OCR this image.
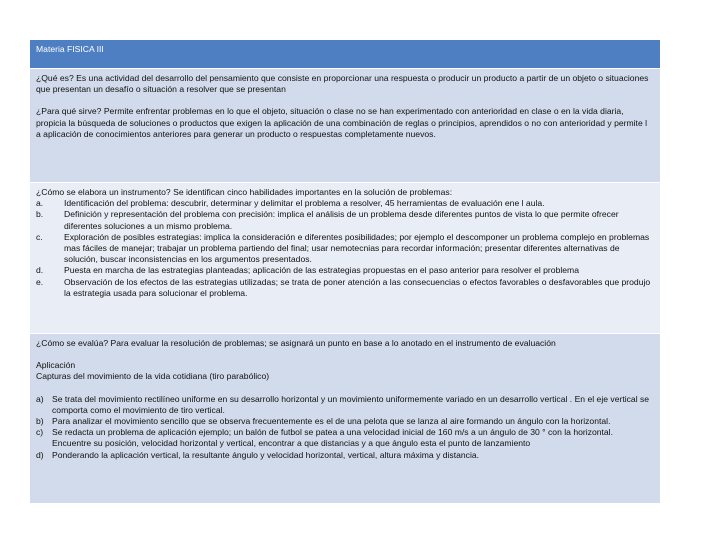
Materia FISICA III

¿Qué es? Es una actividad del desarrollo del pensamiento que consiste en proporcionar una respuesta o producir un producto a partir de un objeto o situaciones que presentan un desafío o situación a resolver que se presentan

¿Para qué sirve? Permite enfrentar problemas en lo que el objeto, situación o clase no se han experimentado con anterioridad en clase o en la vida diaria, propicia la búsqueda de soluciones o productos que exigen la aplicación de una combinación de reglas o principios, aprendidos o no con anterioridad y permite l a aplicación de conocimientos anteriores para generar un producto o respuestas completamente nuevos.

¿Cómo se elabora un instrumento? Se identifican cinco habilidades importantes en la solución de problemas:

a.	Identificación del problema: descubrir, determinar y delimitar el problema a resolver, 45 herramientas de evaluación ene l aula.
b.	Definición y representación del problema con precisión: implica el análisis de un problema desde diferentes puntos de vista lo que permite ofrecer diferentes soluciones a un mismo problema.
c.	Exploración de posibles estrategias: implica la consideración e diferentes posibilidades; por ejemplo el descomponer un problema complejo en problemas mas fáciles de manejar; trabajar un problema partiendo del final; usar nemotecnias para recordar información; presentar diferentes alternativas de solución, buscar inconsistencias en los argumentos presentados.
d.	Puesta en marcha de las estrategias planteadas; aplicación de las estrategias propuestas en el paso anterior para resolver el problema
e.	Observación de los efectos de las estrategias utilizadas; se trata de poner atención a las consecuencias o efectos favorables o desfavorables que produjo la estrategia usada para solucionar el problema.

¿Cómo se evalúa? Para evaluar la resolución de problemas; se asignará un punto en base a lo anotado en el instrumento de evaluación

Aplicación

Capturas del movimiento de la vida cotidiana (tiro parabólico)

a) Se trata del movimiento rectilíneo uniforme en su desarrollo horizontal y un movimiento uniformemente variado en un desarrollo vertical . En el eje vertical se comporta como el movimiento de tiro vertical.
b) Para analizar el movimiento sencillo que se observa frecuentemente es el de una pelota que se lanza al aire formando un ángulo con la horizontal.
c)	Se redacta un problema de aplicación ejemplo; un balón de futbol se patea a una velocidad inicial de 160 m/s a un ángulo de 30 ° con la horizontal. Encuentre su posición, velocidad horizontal y vertical, encontrar a que distancias y a que ángulo esta el punto de lanzamiento
d) Ponderando la aplicación vertical, la resultante ángulo y velocidad horizontal, vertical, altura máxima y distancia.
